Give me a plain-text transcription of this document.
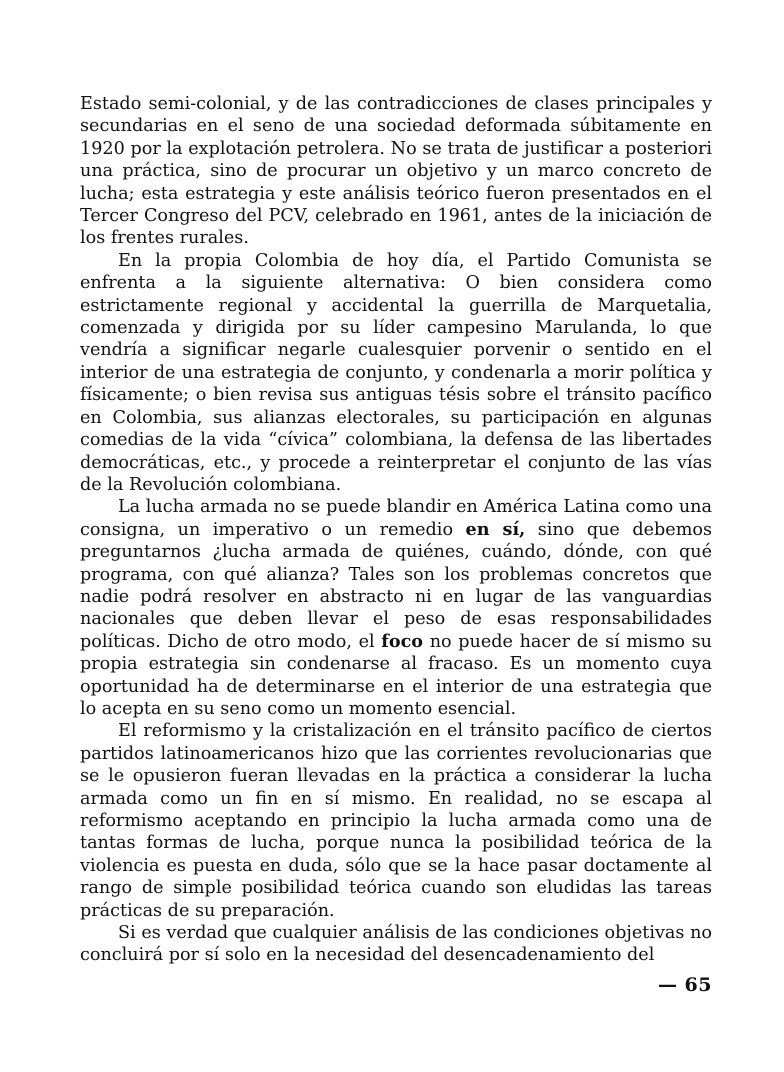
Estado semi-colonial, y de las contradicciones de clases principales y secundarias en el seno de una sociedad deformada súbitamente en 1920 por la explotación petrolera. No se trata de justificar a posteriori una práctica, sino de procurar un objetivo y un marco concreto de lucha; esta estrategia y este análisis teórico fueron presentados en el Tercer Congreso del PCV, celebrado en 1961, antes de la iniciación de los frentes rurales.

En la propia Colombia de hoy día, el Partido Comunista se enfrenta a la siguiente alternativa: O bien considera como estrictamente regional y accidental la guerrilla de Marquetalia, comenzada y dirigida por su líder campesino Marulanda, lo que vendría a significar negarle cualesquier porvenir o sentido en el interior de una estrategia de conjunto, y condenarla a morir política y físicamente; o bien revisa sus antiguas tésis sobre el tránsito pacífico en Colombia, sus alianzas electorales, su participación en algunas comedias de la vida “cívica” colombiana, la defensa de las libertades democráticas, etc., y procede a reinterpretar el conjunto de las vías de la Revolución colombiana.

La lucha armada no se puede blandir en América Latina como una consigna, un imperativo o un remedio en sí, sino que debemos preguntarnos ¿lucha armada de quiénes, cuándo, dónde, con qué programa, con qué alianza? Tales son los problemas concretos que nadie podrá resolver en abstracto ni en lugar de las vanguardias nacionales que deben llevar el peso de esas responsabilidades políticas. Dicho de otro modo, el foco no puede hacer de sí mismo su propia estrategia sin condenarse al fracaso. Es un momento cuya oportunidad ha de determinarse en el interior de una estrategia que lo acepta en su seno como un momento esencial.

El reformismo y la cristalización en el tránsito pacífico de ciertos partidos latinoamericanos hizo que las corrientes revolucionarias que se le opusieron fueran llevadas en la práctica a considerar la lucha armada como un fin en sí mismo. En realidad, no se escapa al reformismo aceptando en principio la lucha armada como una de tantas formas de lucha, porque nunca la posibilidad teórica de la violencia es puesta en duda, sólo que se la hace pasar doctamente al rango de simple posibilidad teórica cuando son eludidas las tareas prácticas de su preparación.

Si es verdad que cualquier análisis de las condiciones objetivas no concluirá por sí solo en la necesidad del desencadenamiento del

— 65
